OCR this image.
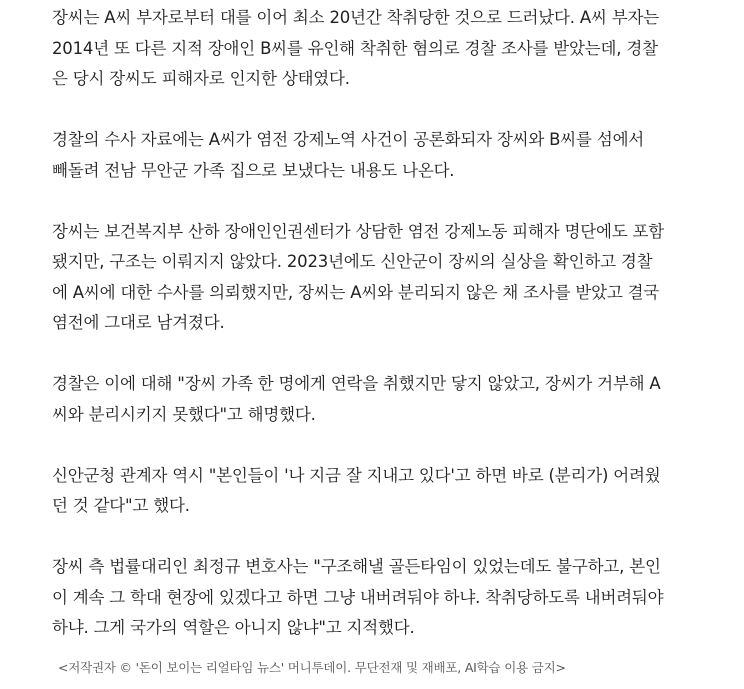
장씨는 A씨 부자로부터 대를 이어 최소 20년간 착취당한 것으로 드러났다. A씨 부자는
2014년 또 다른 지적 장애인 B씨를 유인해 착취한 혐의로 경찰 조사를 받았는데, 경찰
은 당시 장씨도 피해자로 인지한 상태였다.

경찰의 수사 자료에는 A씨가 염전 강제노역 사건이 공론화되자 장씨와 B씨를 섬에서
빼돌려 전남 무안군 가족 집으로 보냈다는 내용도 나온다.

장씨는 보건복지부 산하 장애인인권센터가 상담한 염전 강제노동 피해자 명단에도 포함
됐지만, 구조는 이뤄지지 않았다. 2023년에도 신안군이 장씨의 실상을 확인하고 경찰
에 A씨에 대한 수사를 의뢰했지만, 장씨는 A씨와 분리되지 않은 채 조사를 받았고 결국
염전에 그대로 남겨졌다.

경찰은 이에 대해 "장씨 가족 한 명에게 연락을 취했지만 닿지 않았고, 장씨가 거부해 A
씨와 분리시키지 못했다"고 해명했다.

신안군청 관계자 역시 "본인들이 '나 지금 잘 지내고 있다'고 하면 바로 (분리가) 어려웠
던 것 같다"고 했다.

장씨 측 법률대리인 최정규 변호사는 "구조해낼 골든타임이 있었는데도 불구하고, 본인
이 계속 그 학대 현장에 있겠다고 하면 그냥 내버려둬야 하냐. 착취당하도록 내버려둬야
하냐. 그게 국가의 역할은 아니지 않냐"고 지적했다.

<저작권자 © '돈이 보이는 리얼타임 뉴스' 머니투데이. 무단전재 및 재배포, AI학습 이용 금지>
